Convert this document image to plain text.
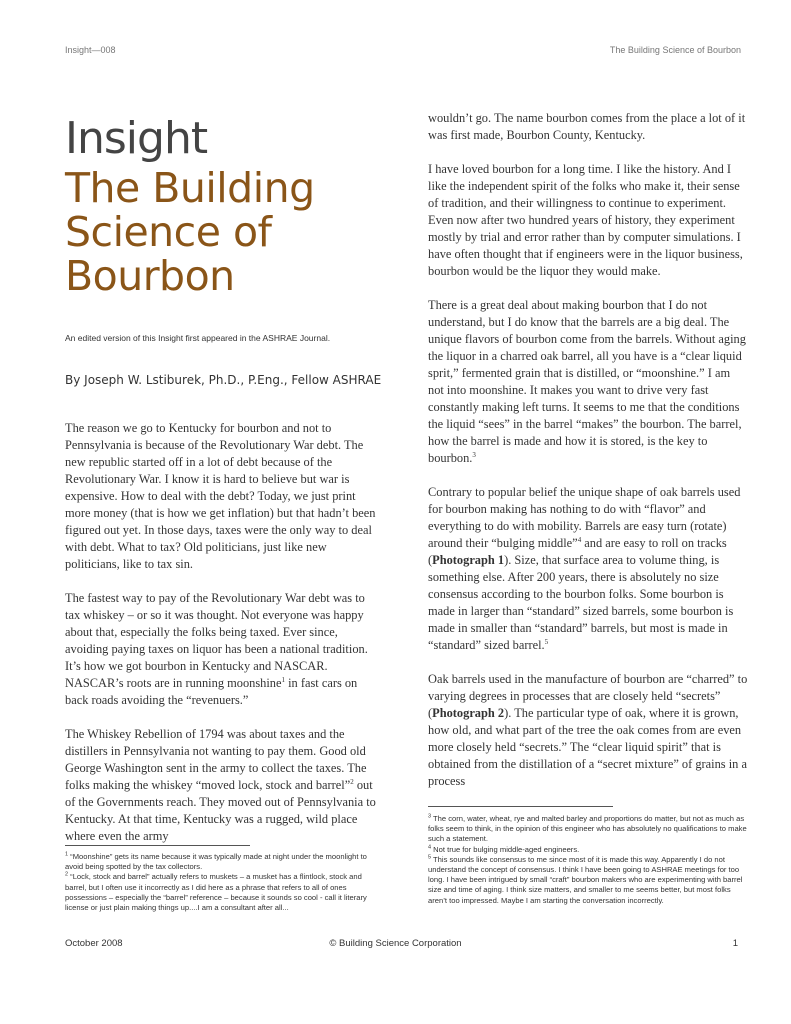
Insight—008	The Building Science of Bourbon
Insight
The Building
Science of
Bourbon
An edited version of this Insight first appeared in the ASHRAE Journal.
By Joseph W. Lstiburek, Ph.D., P.Eng., Fellow ASHRAE

The reason we go to Kentucky for bourbon and not to Pennsylvania is because of the Revolutionary War debt. The new republic started off in a lot of debt because of the Revolutionary War. I know it is hard to believe but war is expensive. How to deal with the debt? Today, we just print more money (that is how we get inflation) but that hadn’t been figured out yet. In those days, taxes were the only way to deal with debt. What to tax? Old politicians, just like new politicians, like to tax sin.

The fastest way to pay of the Revolutionary War debt was to tax whiskey – or so it was thought. Not everyone was happy about that, especially the folks being taxed. Ever since, avoiding paying taxes on liquor has been a national tradition. It’s how we got bourbon in Kentucky and NASCAR. NASCAR’s roots are in running moonshine$^1$ in fast cars on back roads avoiding the “revenuers.”

The Whiskey Rebellion of 1794 was about taxes and the distillers in Pennsylvania not wanting to pay them. Good old George Washington sent in the army to collect the taxes. The folks making the whiskey “moved lock, stock and barrel”$^2$ out of the Governments reach. They moved out of Pennsylvania to Kentucky. At that time, Kentucky was a rugged, wild place where even the army

wouldn’t go. The name bourbon comes from the place a lot of it was first made, Bourbon County, Kentucky.

I have loved bourbon for a long time. I like the history. And I like the independent spirit of the folks who make it, their sense of tradition, and their willingness to continue to experiment. Even now after two hundred years of history, they experiment mostly by trial and error rather than by computer simulations. I have often thought that if engineers were in the liquor business, bourbon would be the liquor they would make.

There is a great deal about making bourbon that I do not understand, but I do know that the barrels are a big deal. The unique flavors of bourbon come from the barrels. Without aging the liquor in a charred oak barrel, all you have is a “clear liquid sprit,” fermented grain that is distilled, or “moonshine.” I am not into moonshine. It makes you want to drive very fast constantly making left turns. It seems to me that the conditions the liquid “sees” in the barrel “makes” the bourbon. The barrel, how the barrel is made and how it is stored, is the key to bourbon.$^3$

Contrary to popular belief the unique shape of oak barrels used for bourbon making has nothing to do with “flavor” and everything to do with mobility. Barrels are easy turn (rotate) around their “bulging middle”$^4$ and are easy to roll on tracks (Photograph 1). Size, that surface area to volume thing, is something else. After 200 years, there is absolutely no size consensus according to the bourbon folks. Some bourbon is made in larger than “standard” sized barrels, some bourbon is made in smaller than “standard” barrels, but most is made in “standard” sized barrel.$^5$

Oak barrels used in the manufacture of bourbon are “charred” to varying degrees in processes that are closely held “secrets” (Photograph 2). The particular type of oak, where it is grown, how old, and what part of the tree the oak comes from are even more closely held “secrets.” The “clear liquid spirit” that is obtained from the distillation of a “secret mixture” of grains in a process

$^1$ “Moonshine” gets its name because it was typically made at night under the moonlight to avoid being spotted by the tax collectors.
$^2$ “Lock, stock and barrel” actually refers to muskets – a musket has a flintlock, stock and barrel, but I often use it incorrectly as I did here as a phrase that refers to all of ones possessions – especially the “barrel” reference – because it sounds so cool - call it literary license or just plain making things up....I am a consultant after all...
$^3$ The corn, water, wheat, rye and malted barley and proportions do matter, but not as much as folks seem to think, in the opinion of this engineer who has absolutely no qualifications to make such a statement.
$^4$ Not true for bulging middle-aged engineers.
$^5$ This sounds like consensus to me since most of it is made this way. Apparently I do not understand the concept of consensus. I think I have been going to ASHRAE meetings for too long. I have been intrigued by small “craft” bourbon makers who are experimenting with barrel size and time of aging. I think size matters, and smaller to me seems better, but most folks aren’t too impressed. Maybe I am starting the conversation incorrectly.
October 2008	© Building Science Corporation	1
